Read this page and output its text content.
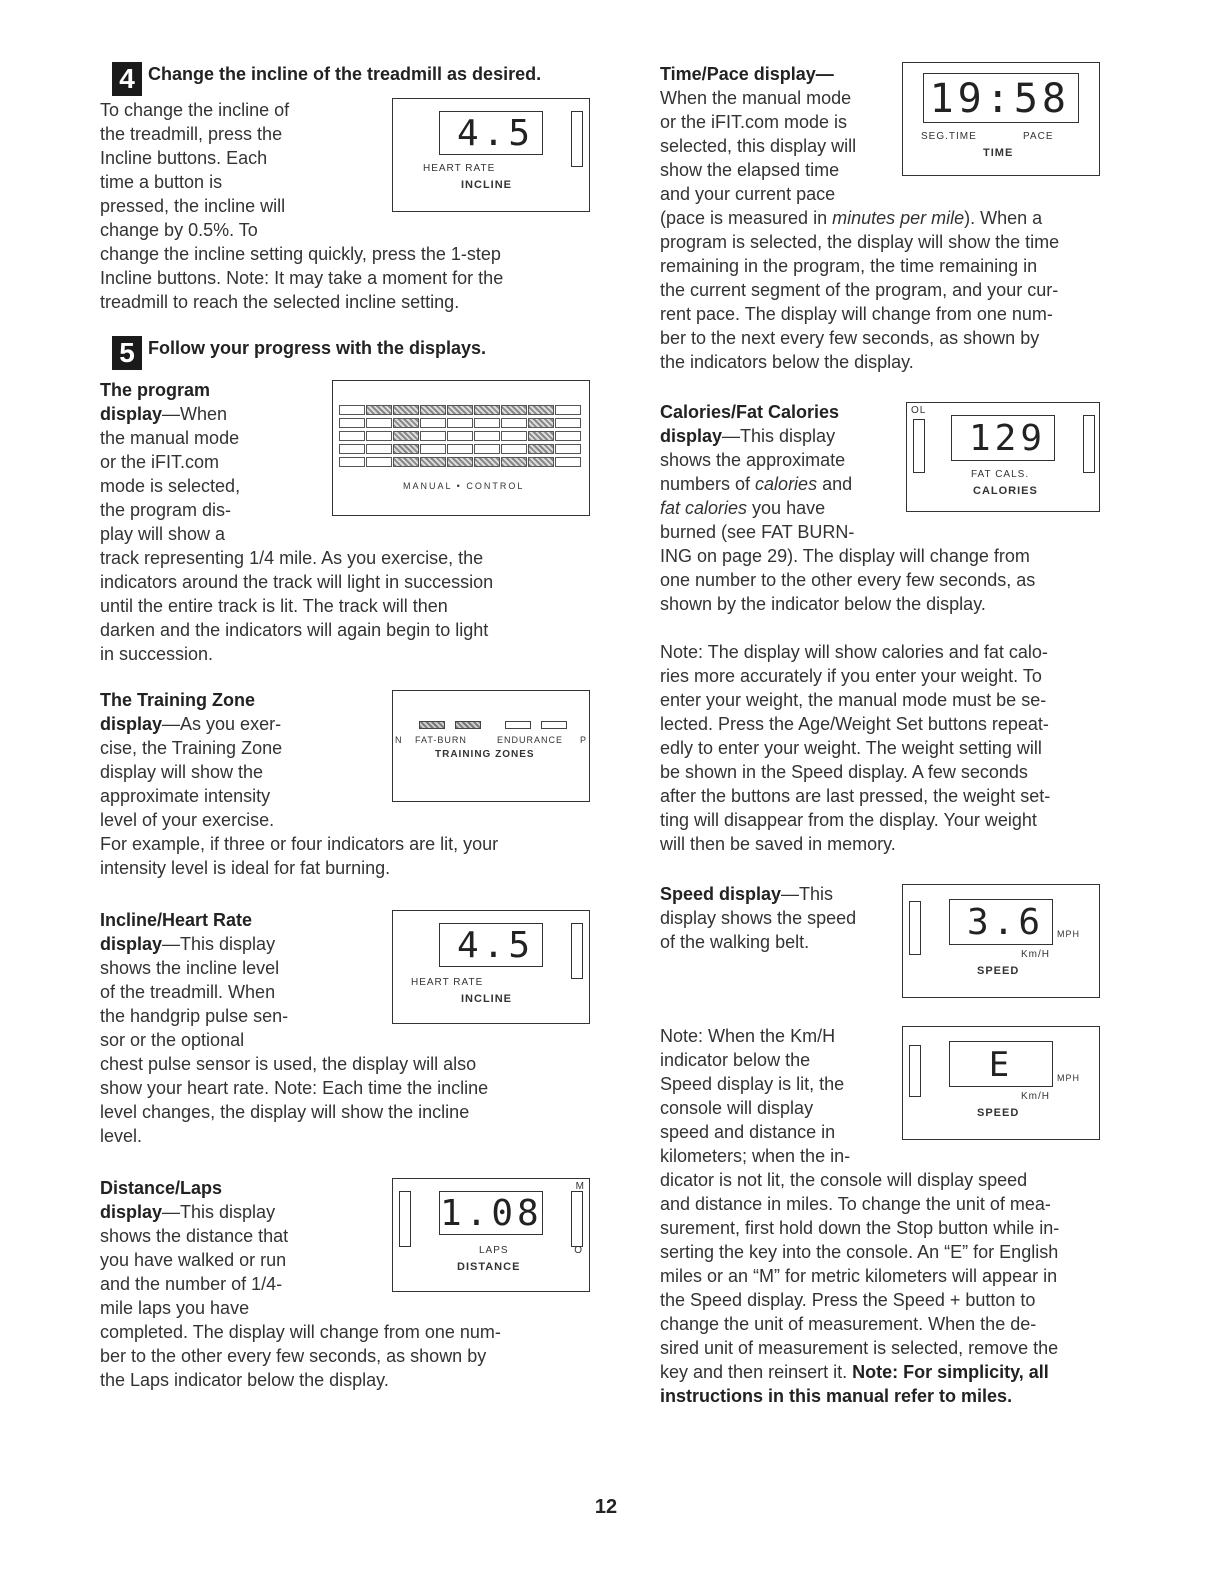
4 Change the incline of the treadmill as desired.
4.5
HEART RATE
INCLINE

To change the incline of

the treadmill, press the

Incline buttons. Each

time a button is

pressed, the incline will

change by 0.5%. To

change the incline setting quickly, press the 1-step

Incline buttons. Note: It may take a moment for the

treadmill to reach the selected incline setting.

5 Follow your progress with the displays.
MANUAL • CONTROL

The program

display—When

the manual mode

or the iFIT.com

mode is selected,

the program dis-

play will show a

track representing 1/4 mile. As you exercise, the

indicators around the track will light in succession

until the entire track is lit. The track will then

darken and the indicators will again begin to light

in succession.

N FAT-BURN	ENDURANCE P
TRAINING ZONES

The Training Zone

display—As you exer-

cise, the Training Zone

display will show the

approximate intensity

level of your exercise.

For example, if three or four indicators are lit, your

intensity level is ideal for fat burning.

4.5
HEART RATE
INCLINE

Incline/Heart Rate

display—This display

shows the incline level

of the treadmill. When

the handgrip pulse sen-

sor or the optional

chest pulse sensor is used, the display will also

show your heart rate. Note: Each time the incline

level changes, the display will show the incline

level.

1.08
M
LAPS	O
DISTANCE

Distance/Laps

display—This display

shows the distance that

you have walked or run

and the number of 1/4-

mile laps you have

completed. The display will change from one num-

ber to the other every few seconds, as shown by

the Laps indicator below the display.

19:58
SEG.TIME	PACE
TIME

Time/Pace display—

When the manual mode

or the iFIT.com mode is

selected, this display will

show the elapsed time

and your current pace

(pace is measured in minutes per mile). When a

program is selected, the display will show the time

remaining in the program, the time remaining in

the current segment of the program, and your cur-

rent pace. The display will change from one num-

ber to the next every few seconds, as shown by

the indicators below the display.

OL
129
FAT CALS.
CALORIES

Calories/Fat Calories

display—This display

shows the approximate

numbers of calories and

fat calories you have

burned (see FAT BURN-

ING on page 29). The display will change from

one number to the other every few seconds, as

shown by the indicator below the display.

Note: The display will show calories and fat calo-

ries more accurately if you enter your weight. To

enter your weight, the manual mode must be se-

lected. Press the Age/Weight Set buttons repeat-

edly to enter your weight. The weight setting will

be shown in the Speed display. A few seconds

after the buttons are last pressed, the weight set-

ting will disappear from the display. Your weight

will then be saved in memory.

3.6	MPH
Km/H
SPEED

Speed display—This

display shows the speed

of the walking belt.

E	MPH
Km/H
SPEED

Note: When the Km/H

indicator below the

Speed display is lit, the

console will display

speed and distance in

kilometers; when the in-

dicator is not lit, the console will display speed

and distance in miles. To change the unit of mea-

surement, first hold down the Stop button while in-

serting the key into the console. An “E” for English

miles or an “M” for metric kilometers will appear in

the Speed display. Press the Speed + button to

change the unit of measurement. When the de-

sired unit of measurement is selected, remove the

key and then reinsert it. Note: For simplicity, all

instructions in this manual refer to miles.

12
